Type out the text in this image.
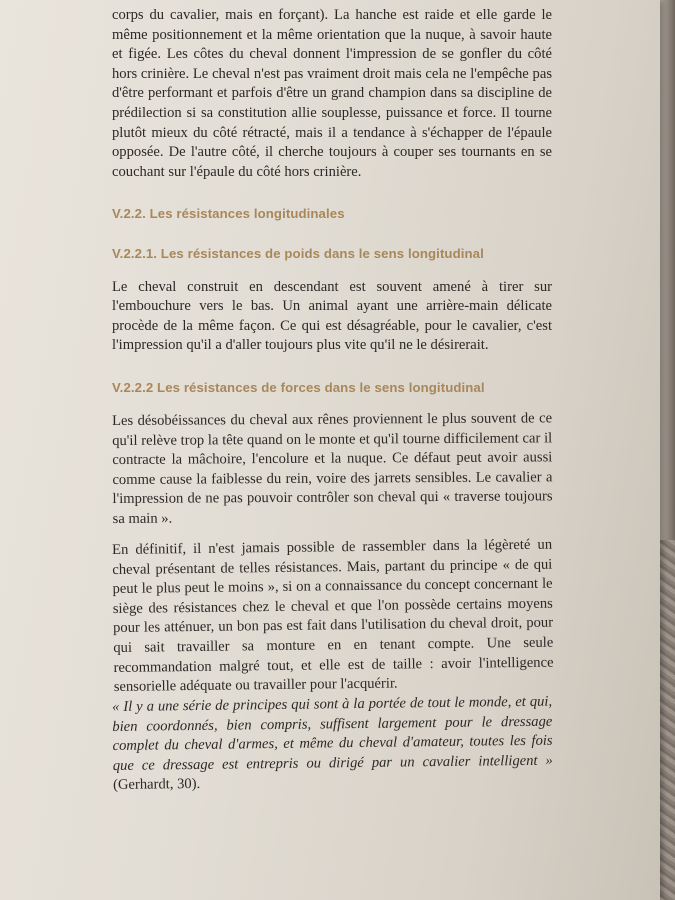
corps du cavalier, mais en forçant). La hanche est raide et elle garde le même positionnement et la même orientation que la nuque, à savoir haute et figée. Les côtes du cheval donnent l'impression de se gonfler du côté hors crinière. Le cheval n'est pas vraiment droit mais cela ne l'empêche pas d'être performant et parfois d'être un grand champion dans sa discipline de prédilection si sa constitution allie souplesse, puissance et force. Il tourne plutôt mieux du côté rétracté, mais il a tendance à s'échapper de l'épaule opposée. De l'autre côté, il cherche toujours à couper ses tournants en se couchant sur l'épaule du côté hors crinière.

V.2.2. Les résistances longitudinales
V.2.2.1. Les résistances de poids dans le sens longitudinal

Le cheval construit en descendant est souvent amené à tirer sur l'embouchure vers le bas. Un animal ayant une arrière-main délicate procède de la même façon. Ce qui est désagréable, pour le cavalier, c'est l'impression qu'il a d'aller toujours plus vite qu'il ne le désirerait.

V.2.2.2 Les résistances de forces dans le sens longitudinal

Les désobéissances du cheval aux rênes proviennent le plus souvent de ce qu'il relève trop la tête quand on le monte et qu'il tourne difficilement car il contracte la mâchoire, l'encolure et la nuque. Ce défaut peut avoir aussi comme cause la faiblesse du rein, voire des jarrets sensibles. Le cavalier a l'impression de ne pas pouvoir contrôler son cheval qui « traverse toujours sa main ».

En définitif, il n'est jamais possible de rassembler dans la légèreté un cheval présentant de telles résistances. Mais, partant du principe « de qui peut le plus peut le moins », si on a connaissance du concept concernant le siège des résistances chez le cheval et que l'on possède certains moyens pour les atténuer, un bon pas est fait dans l'utilisation du cheval droit, pour qui sait travailler sa monture en en tenant compte. Une seule recommandation malgré tout, et elle est de taille : avoir l'intelligence sensorielle adéquate ou travailler pour l'acquérir.

« Il y a une série de principes qui sont à la portée de tout le monde, et qui, bien coordonnés, bien compris, suffisent largement pour le dressage complet du cheval d'armes, et même du cheval d'amateur, toutes les fois que ce dressage est entrepris ou dirigé par un cavalier intelligent » (Gerhardt, 30).
